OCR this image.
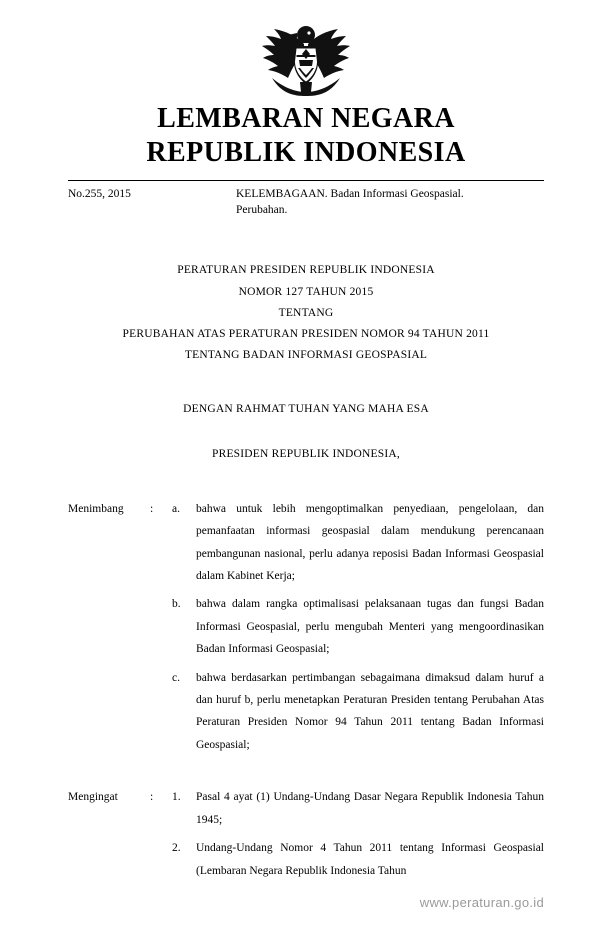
LEMBARAN NEGARA
REPUBLIK INDONESIA
No.255, 2015	KELEMBAGAAN. Badan Informasi Geospasial.
Perubahan.
PERATURAN PRESIDEN REPUBLIK INDONESIA
NOMOR 127 TAHUN 2015
TENTANG
PERUBAHAN ATAS PERATURAN PRESIDEN NOMOR 94 TAHUN 2011
TENTANG BADAN INFORMASI GEOSPASIAL
DENGAN RAHMAT TUHAN YANG MAHA ESA
PRESIDEN REPUBLIK INDONESIA,
Menimbang	:	a.	bahwa untuk lebih mengoptimalkan penyediaan, pengelolaan, dan pemanfaatan informasi geospasial dalam mendukung perencanaan pembangunan nasional, perlu adanya reposisi Badan Informasi Geospasial dalam Kabinet Kerja;
b.	bahwa dalam rangka optimalisasi pelaksanaan tugas dan fungsi Badan Informasi Geospasial, perlu mengubah Menteri yang mengoordinasikan Badan Informasi Geospasial;
c.	bahwa berdasarkan pertimbangan sebagaimana dimaksud dalam huruf a dan huruf b, perlu menetapkan Peraturan Presiden tentang Perubahan Atas Peraturan Presiden Nomor 94 Tahun 2011 tentang Badan Informasi Geospasial;
Mengingat	:	1.	Pasal 4 ayat (1) Undang-Undang Dasar Negara Republik Indonesia Tahun 1945;
2.	Undang-Undang Nomor 4 Tahun 2011 tentang Informasi Geospasial (Lembaran Negara Republik Indonesia Tahun
www.peraturan.go.id
